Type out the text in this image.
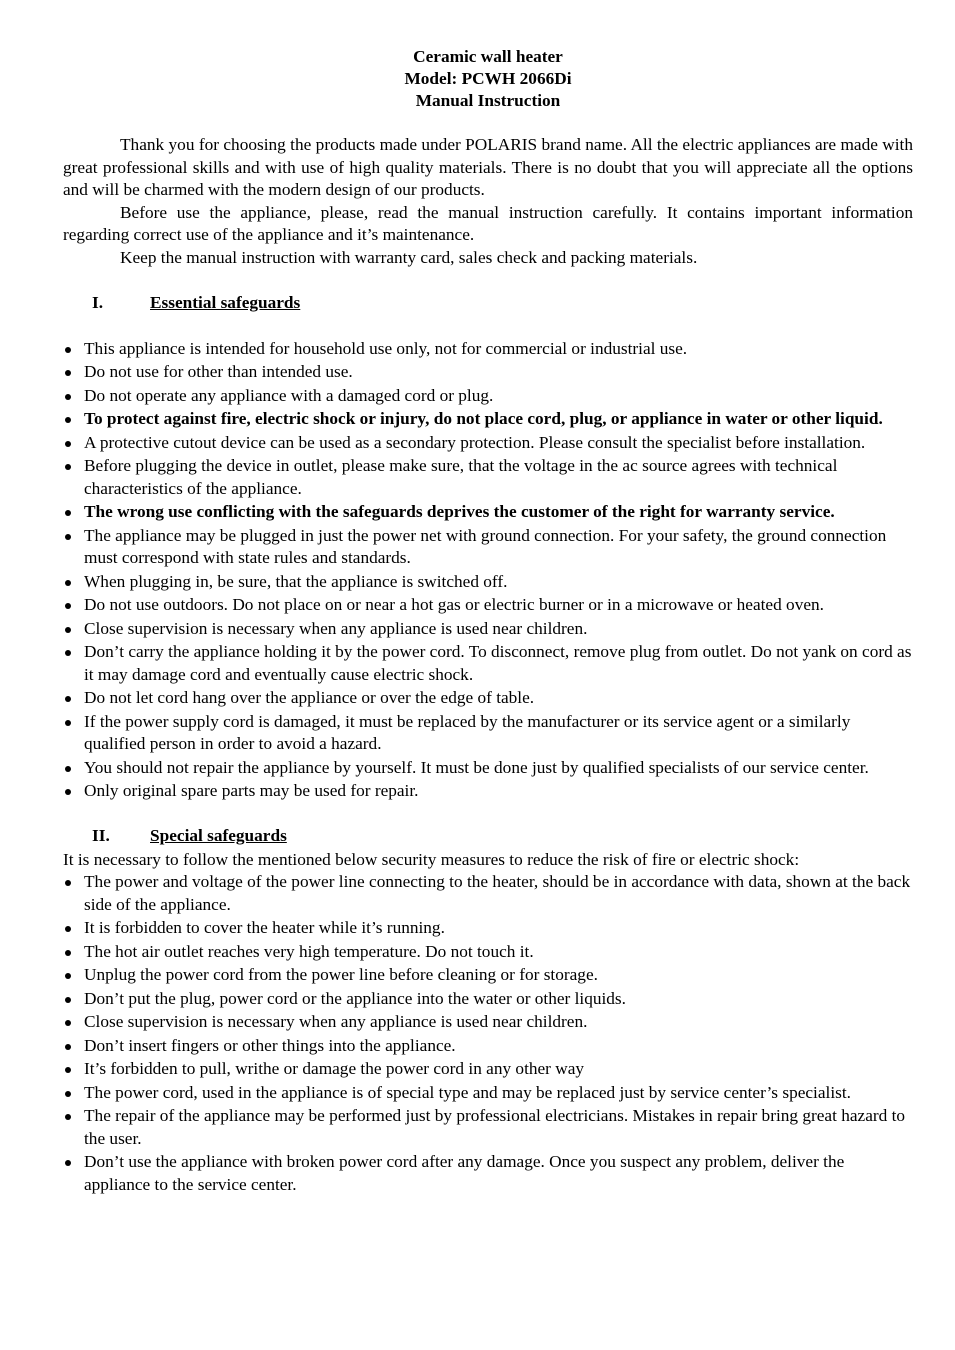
Ceramic wall heater
Model: PCWH 2066Di
Manual Instruction

Thank you for choosing the products made under POLARIS brand name. All the electric appliances are made with great professional skills and with use of high quality materials. There is no doubt that you will appreciate all the options and will be charmed with the modern design of our products.

Before use the appliance, please, read the manual instruction carefully. It contains important information regarding correct use of the appliance and it’s maintenance.

Keep the manual instruction with warranty card, sales check and packing materials.

I.	Essential safeguards
This appliance is intended for household use only, not for commercial or industrial use.
Do not use for other than intended use.
Do not operate any appliance with a damaged cord or plug.
To protect against fire, electric shock or injury, do not place cord, plug, or appliance in water or other liquid.
A protective cutout device can be used as a secondary protection. Please consult the specialist before installation.
Before plugging the device in outlet, please make sure, that the voltage in the ac source agrees with technical characteristics of the appliance.
The wrong use conflicting with the safeguards deprives the customer of the right for warranty service.
The appliance may be plugged in just the power net with ground connection. For your safety, the ground connection must correspond with state rules and standards.
When plugging in, be sure, that the appliance is switched off.
Do not use outdoors. Do not place on or near a hot gas or electric burner or in a microwave or heated oven.
Close supervision is necessary when any appliance is used near children.
Don’t carry the appliance holding it by the power cord. To disconnect, remove plug from outlet. Do not yank on cord as it may damage cord and eventually cause electric shock.
Do not let cord hang over the appliance or over the edge of table.
If the power supply cord is damaged, it must be replaced by the manufacturer or its service agent or a similarly qualified person in order to avoid a hazard.
You should not repair the appliance by yourself. It must be done just by qualified specialists of our service center.
Only original spare parts may be used for repair.
II. Special safeguards

It is necessary to follow the mentioned below security measures to reduce the risk of fire or electric shock:

The power and voltage of the power line connecting to the heater, should be in accordance with data, shown at the back side of the appliance.
It is forbidden to cover the heater while it’s running.
The hot air outlet reaches very high temperature. Do not touch it.
Unplug the power cord from the power line before cleaning or for storage.
Don’t put the plug, power cord or the appliance into the water or other liquids.
Close supervision is necessary when any appliance is used near children.
Don’t insert fingers or other things into the appliance.
It’s forbidden to pull, writhe or damage the power cord in any other way
The power cord, used in the appliance is of special type and may be replaced just by service center’s specialist.
The repair of the appliance may be performed just by professional electricians. Mistakes in repair bring great hazard to the user.
Don’t use the appliance with broken power cord after any damage. Once you suspect any problem, deliver the appliance to the service center.
